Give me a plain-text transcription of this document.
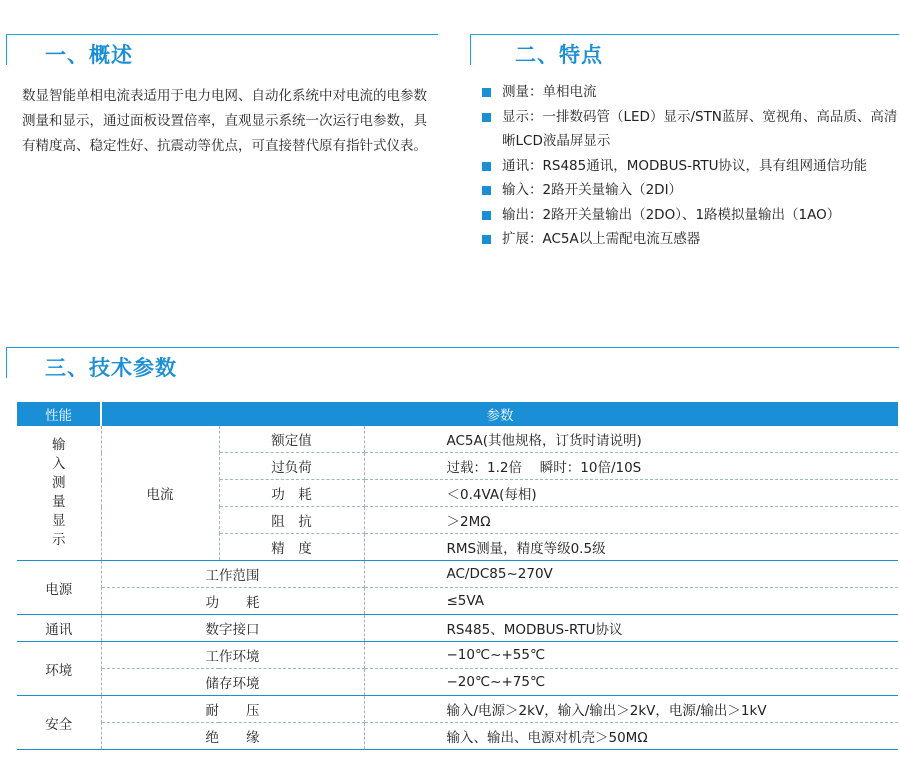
一、概述
数显智能单相电流表适用于电力电网、自动化系统中对电流的电参数测量和显示，通过面板设置倍率，直观显示系统一次运行电参数，具有精度高、稳定性好、抗震动等优点，可直接替代原有指针式仪表。
二、特点
测量：单相电流
显示：一排数码管（LED）显示/STN蓝屏、宽视角、高品质、高清晰LCD液晶屏显示
通讯：RS485通讯，MODBUS-RTU协议，具有组网通信功能
输入：2路开关量输入（2DI）
输出：2路开关量输出（2DO）、1路模拟量输出（1AO）
扩展：AC5A以上需配电流互感器
三、技术参数
性能	参数		
输入测量显示	电流	额定值	AC5A(其他规格，订货时请说明)
		过负荷	过载：1.2倍　 瞬时：10倍/10S
		功　耗	＜0.4VA(每相)
		阻　抗	＞2MΩ
		精　度	RMS测量，精度等级0.5级
电源	工作范围		AC/DC85~270V
	功　　耗		≤5VA
通讯	数字接口		RS485、MODBUS-RTU协议
环境	工作环境		−10℃~+55℃
	储存环境		−20℃~+75℃
安全	耐　　压		输入/电源＞2kV，输入/输出＞2kV，电源/输出＞1kV
	绝　　缘		输入、输出、电源对机壳＞50MΩ
